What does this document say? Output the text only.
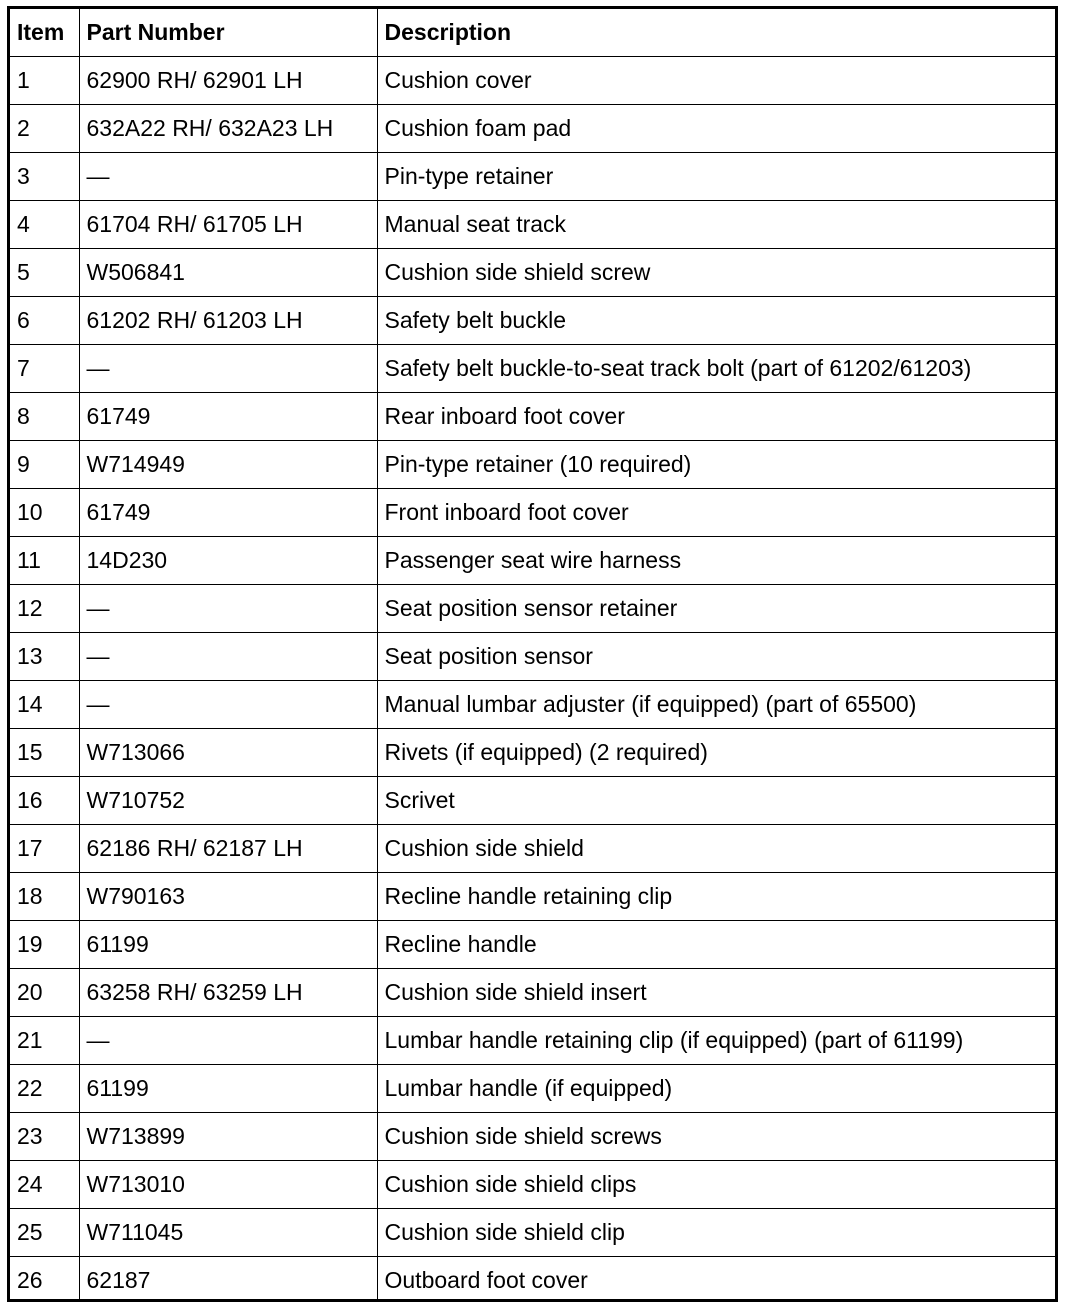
Item	Part Number	Description
1	62900 RH/ 62901 LH	Cushion cover
2	632A22 RH/ 632A23 LH	Cushion foam pad
3	—	Pin-type retainer
4	61704 RH/ 61705 LH	Manual seat track
5	W506841	Cushion side shield screw
6	61202 RH/ 61203 LH	Safety belt buckle
7	—	Safety belt buckle-to-seat track bolt (part of 61202/61203)
8	61749	Rear inboard foot cover
9	W714949	Pin-type retainer (10 required)
10	61749	Front inboard foot cover
11	14D230	Passenger seat wire harness
12	—	Seat position sensor retainer
13	—	Seat position sensor
14	—	Manual lumbar adjuster (if equipped) (part of 65500)
15	W713066	Rivets (if equipped) (2 required)
16	W710752	Scrivet
17	62186 RH/ 62187 LH	Cushion side shield
18	W790163	Recline handle retaining clip
19	61199	Recline handle
20	63258 RH/ 63259 LH	Cushion side shield insert
21	—	Lumbar handle retaining clip (if equipped) (part of 61199)
22	61199	Lumbar handle (if equipped)
23	W713899	Cushion side shield screws
24	W713010	Cushion side shield clips
25	W711045	Cushion side shield clip
26	62187	Outboard foot cover
